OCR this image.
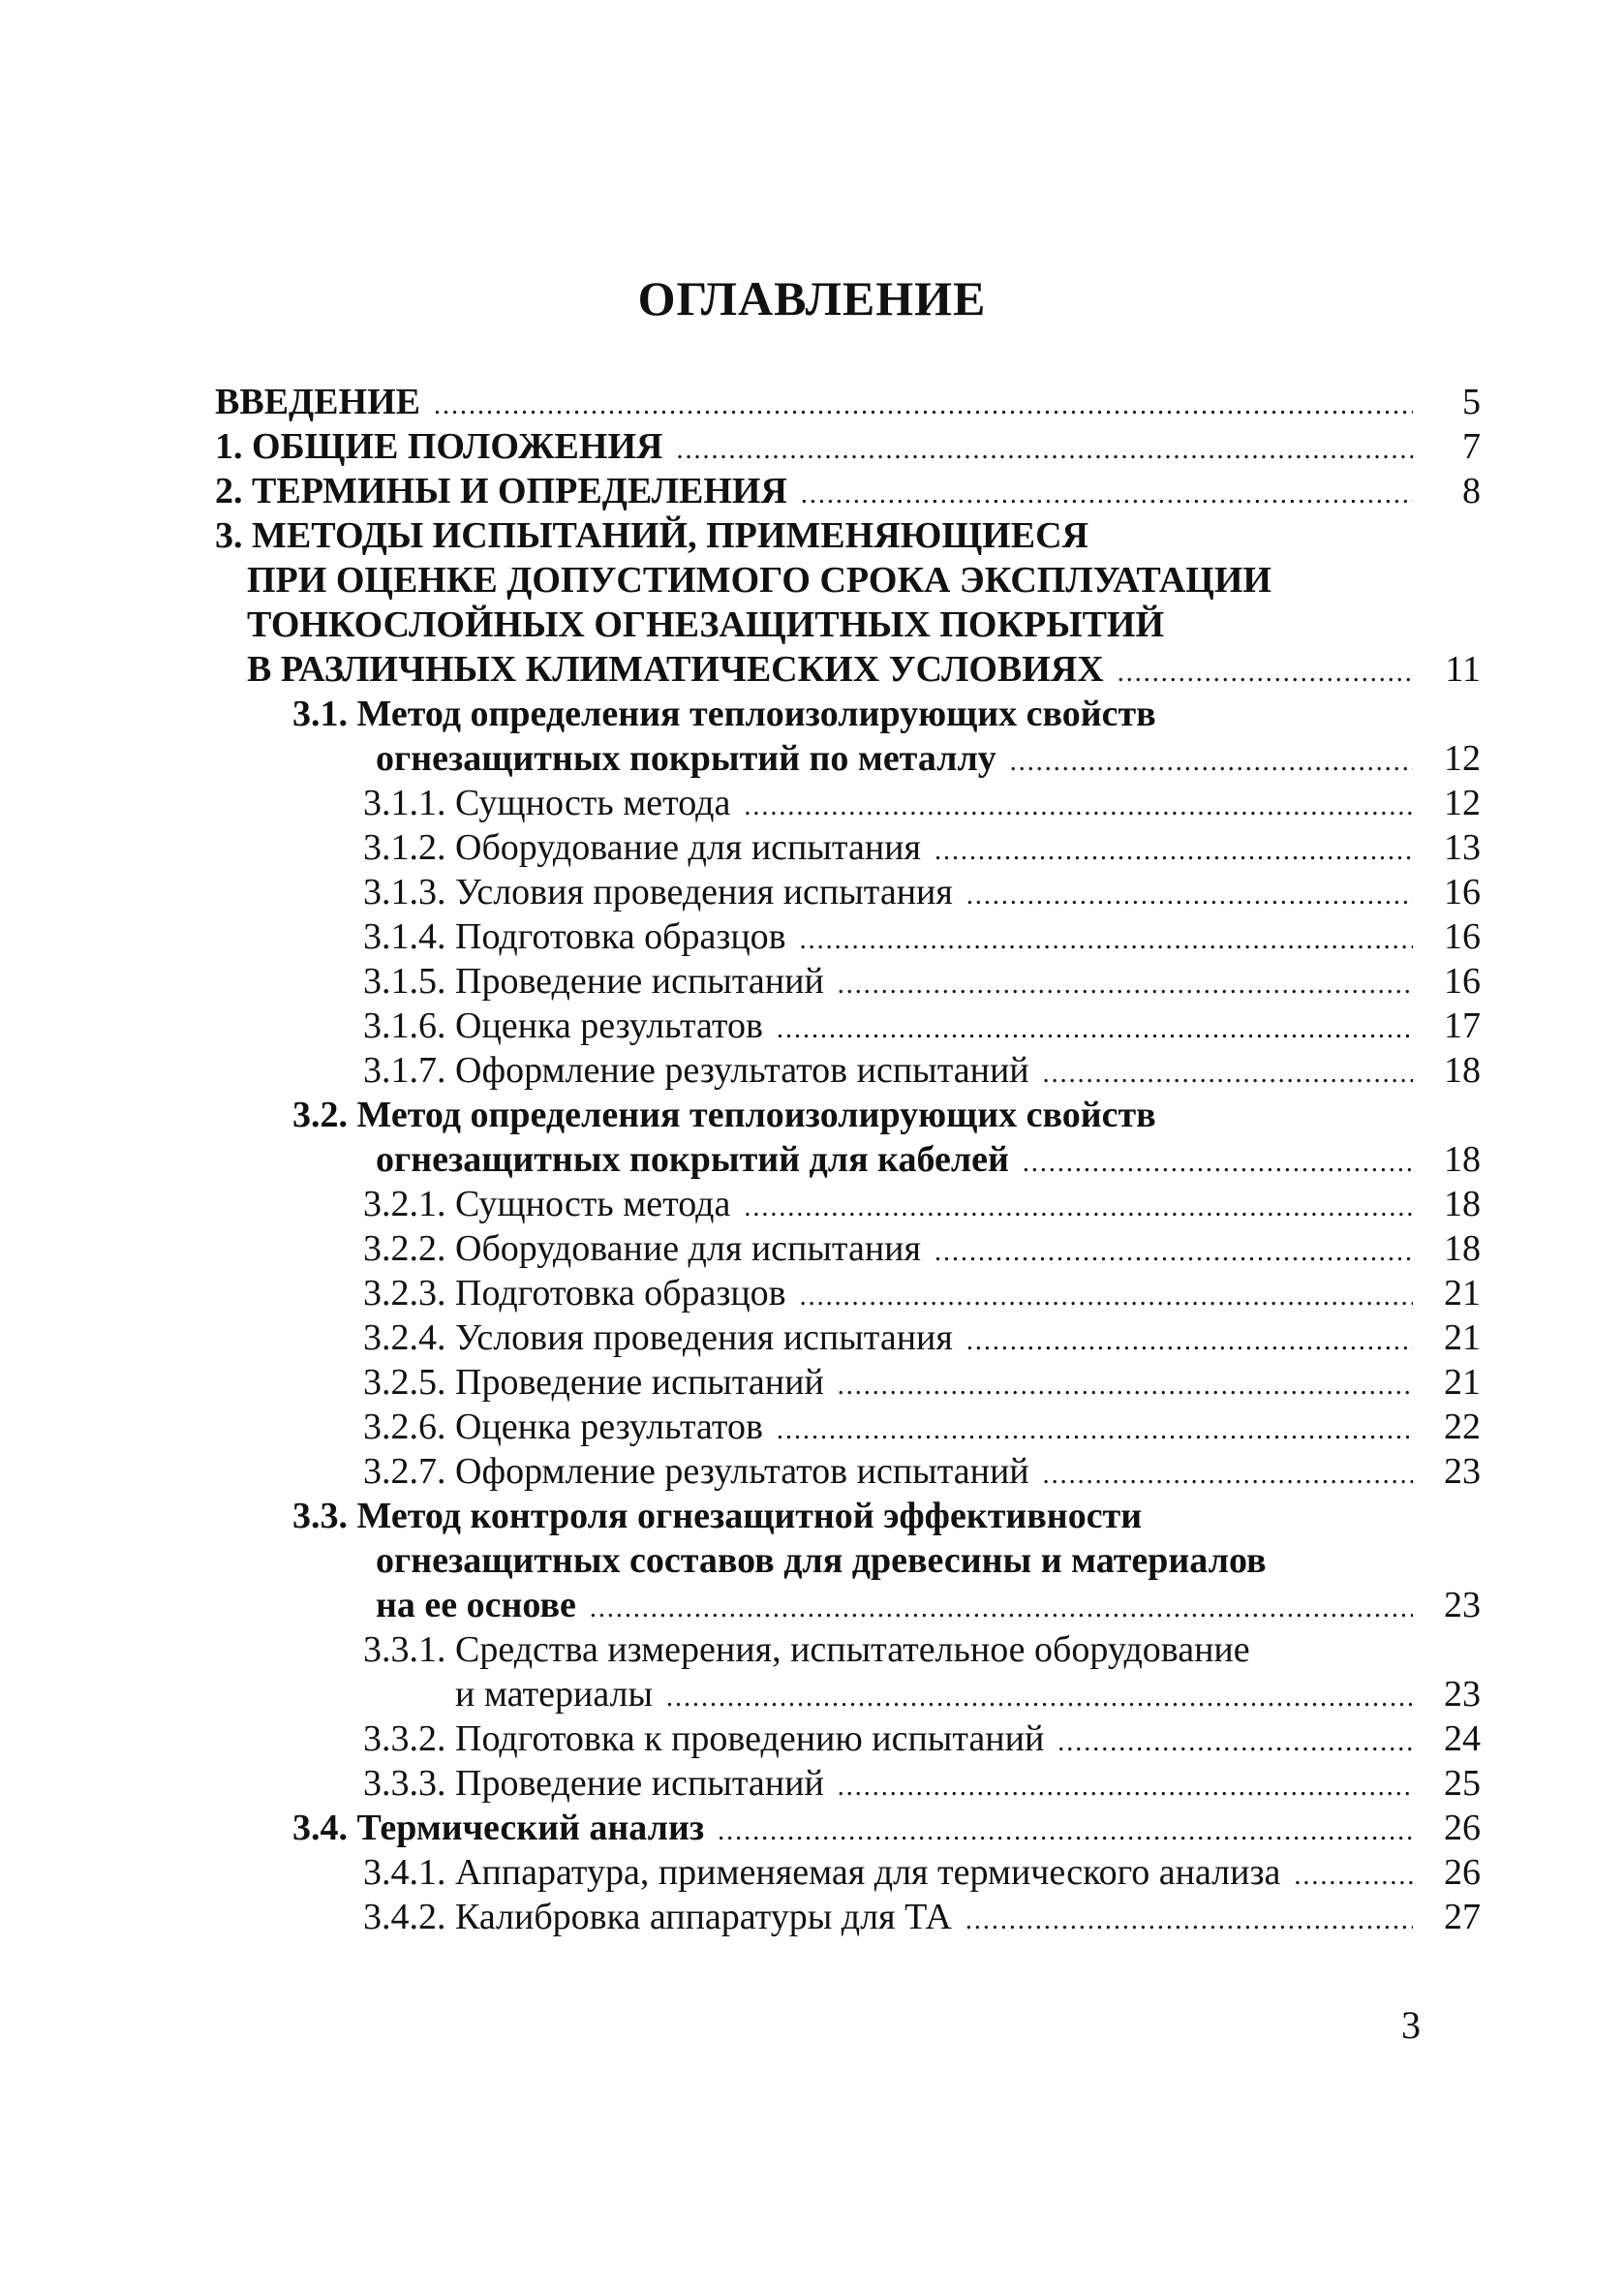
ОГЛАВЛЕНИЕ
ВВЕДЕНИЕ .....	5
1. ОБЩИЕ ПОЛОЖЕНИЯ .....	7
2. ТЕРМИНЫ И ОПРЕДЕЛЕНИЯ .....	8
3. МЕТОДЫ ИСПЫТАНИЙ, ПРИМЕНЯЮЩИЕСЯ
ПРИ ОЦЕНКЕ ДОПУСТИМОГО СРОКА ЭКСПЛУАТАЦИИ
ТОНКОСЛОЙНЫХ ОГНЕЗАЩИТНЫХ ПОКРЫТИЙ
В РАЗЛИЧНЫХ КЛИМАТИЧЕСКИХ УСЛОВИЯХ .....	11
3.1. Метод определения теплоизолирующих свойств
огнезащитных покрытий по металлу .....	12
3.1.1. Сущность метода .....	12
3.1.2. Оборудование для испытания .....	13
3.1.3. Условия проведения испытания .....	16
3.1.4. Подготовка образцов .....	16
3.1.5. Проведение испытаний .....	16
3.1.6. Оценка результатов .....	17
3.1.7. Оформление результатов испытаний .....	18
3.2. Метод определения теплоизолирующих свойств
огнезащитных покрытий для кабелей .....	18
3.2.1. Сущность метода .....	18
3.2.2. Оборудование для испытания .....	18
3.2.3. Подготовка образцов .....	21
3.2.4. Условия проведения испытания .....	21
3.2.5. Проведение испытаний .....	21
3.2.6. Оценка результатов .....	22
3.2.7. Оформление результатов испытаний .....	23
3.3. Метод контроля огнезащитной эффективности
огнезащитных составов для древесины и материалов
на ее основе .....	23
3.3.1. Средства измерения, испытательное оборудование
и материалы .....	23
3.3.2. Подготовка к проведению испытаний .....	24
3.3.3. Проведение испытаний .....	25
3.4. Термический анализ .....	26
3.4.1. Аппаратура, применяемая для термического анализа .....	26
3.4.2. Калибровка аппаратуры для ТА .....	27
3
